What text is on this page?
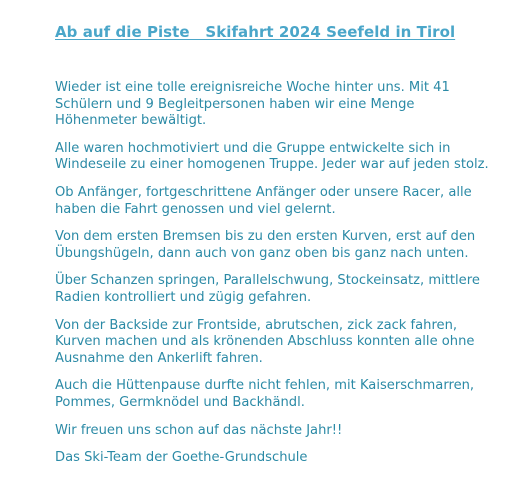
Ab auf die Piste   Skifahrt 2024 Seefeld in Tirol

Wieder ist eine tolle ereignisreiche Woche hinter uns. Mit 41 Schülern und 9 Begleitpersonen haben wir eine Menge Höhenmeter bewältigt.

Alle waren hochmotiviert und die Gruppe entwickelte sich in Windeseile zu einer homogenen Truppe. Jeder war auf jeden stolz.

Ob Anfänger, fortgeschrittene Anfänger oder unsere Racer, alle haben die Fahrt genossen und viel gelernt.

Von dem ersten Bremsen bis zu den ersten Kurven, erst auf den Übungshügeln, dann auch von ganz oben bis ganz nach unten.

Über Schanzen springen, Parallelschwung, Stockeinsatz, mittlere Radien kontrolliert und zügig gefahren.

Von der Backside zur Frontside, abrutschen, zick zack fahren, Kurven machen und als krönenden Abschluss konnten alle ohne Ausnahme den Ankerlift fahren.

Auch die Hüttenpause durfte nicht fehlen, mit Kaiserschmarren, Pommes, Germknödel und Backhändl.

Wir freuen uns schon auf das nächste Jahr!!

Das Ski-Team der Goethe-Grundschule
